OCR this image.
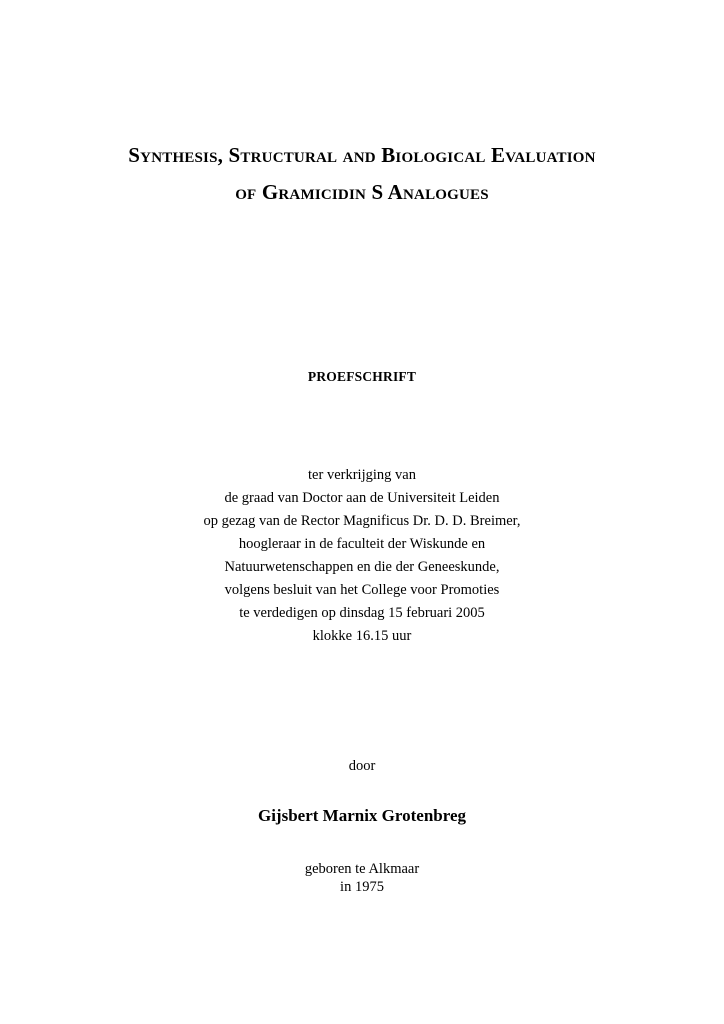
Synthesis, Structural and Biological Evaluation
of Gramicidin S Analogues
PROEFSCHRIFT
ter verkrijging van
de graad van Doctor aan de Universiteit Leiden
op gezag van de Rector Magnificus Dr. D. D. Breimer,
hoogleraar in de faculteit der Wiskunde en
Natuurwetenschappen en die der Geneeskunde,
volgens besluit van het College voor Promoties
te verdedigen op dinsdag 15 februari 2005
klokke 16.15 uur
door
Gijsbert Marnix Grotenbreg
geboren te Alkmaar
in 1975
